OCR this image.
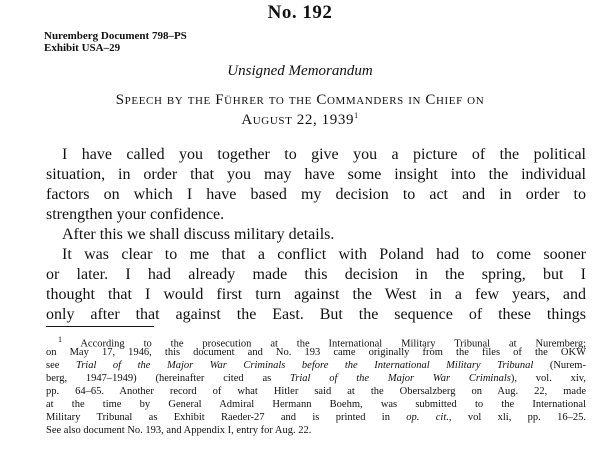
No. 192
Nuremberg Document 798–PS
Exhibit USA–29
Unsigned Memorandum
Speech by the Führer to the Commanders in Chief on
August 22, 1939$^1$
I have called you together to give you a picture of the political
situation, in order that you may have some insight into the individual
factors on which I have based my decision to act and in order to
strengthen your confidence.
After this we shall discuss military details.
It was clear to me that a conflict with Poland had to come sooner
or later. I had already made this decision in the spring, but I
thought that I would first turn against the West in a few years, and
only after that against the East. But the sequence of these things
$^1$ According to the prosecution at the International Military Tribunal at Nuremberg;
on May 17, 1946, this document and No. 193 came originally from the files of the OKW
see Trial of the Major War Criminals before the International Military Tribunal (Nurem-
berg, 1947–1949) (hereinafter cited as Trial of the Major War Criminals), vol. xiv,
pp. 64–65. Another record of what Hitler said at the Obersalzberg on Aug. 22, made
at the time by General Admiral Hermann Boehm, was submitted to the International
Military Tribunal as Exhibit Raeder-27 and is printed in op. cit., vol xli, pp. 16–25.
See also document No. 193, and Appendix I, entry for Aug. 22.
